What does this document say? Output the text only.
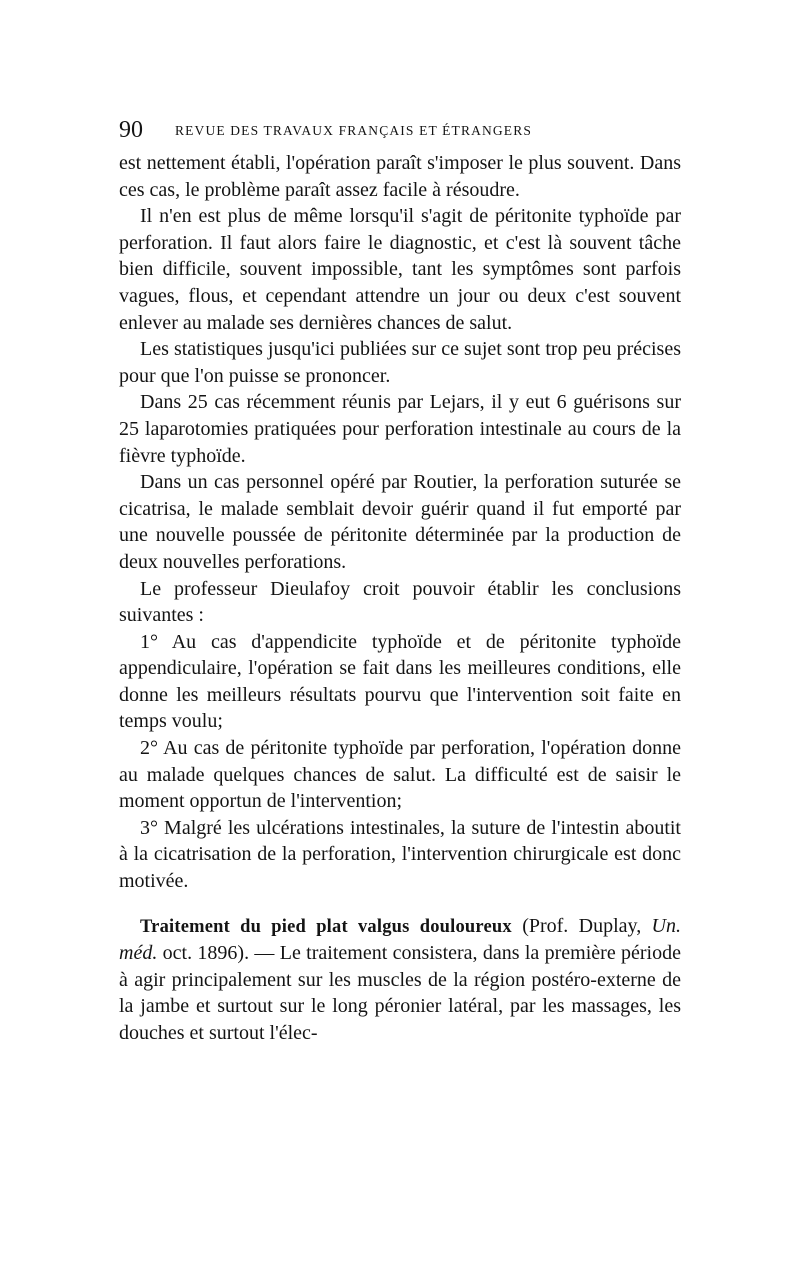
90 REVUE DES TRAVAUX FRANÇAIS ET ÉTRANGERS

est nettement établi, l'opération paraît s'imposer le plus souvent. Dans ces cas, le problème paraît assez facile à résoudre.

Il n'en est plus de même lorsqu'il s'agit de péritonite typhoïde par perforation. Il faut alors faire le diagnostic, et c'est là souvent tâche bien difficile, souvent impossible, tant les symptômes sont parfois vagues, flous, et cependant attendre un jour ou deux c'est souvent enlever au malade ses dernières chances de salut.

Les statistiques jusqu'ici publiées sur ce sujet sont trop peu précises pour que l'on puisse se prononcer.

Dans 25 cas récemment réunis par Lejars, il y eut 6 guérisons sur 25 laparotomies pratiquées pour perforation intestinale au cours de la fièvre typhoïde.

Dans un cas personnel opéré par Routier, la perforation suturée se cicatrisa, le malade semblait devoir guérir quand il fut emporté par une nouvelle poussée de péritonite déterminée par la production de deux nouvelles perforations.

Le professeur Dieulafoy croit pouvoir établir les conclusions suivantes :

1° Au cas d'appendicite typhoïde et de péritonite typhoïde appendiculaire, l'opération se fait dans les meilleures conditions, elle donne les meilleurs résultats pourvu que l'intervention soit faite en temps voulu;

2° Au cas de péritonite typhoïde par perforation, l'opération donne au malade quelques chances de salut. La difficulté est de saisir le moment opportun de l'intervention;

3° Malgré les ulcérations intestinales, la suture de l'intestin aboutit à la cicatrisation de la perforation, l'intervention chirurgicale est donc motivée.

Traitement du pied plat valgus douloureux (Prof. Duplay, Un. méd. oct. 1896). — Le traitement consistera, dans la première période à agir principalement sur les muscles de la région postéro-externe de la jambe et surtout sur le long péronier latéral, par les massages, les douches et surtout l'élec-
